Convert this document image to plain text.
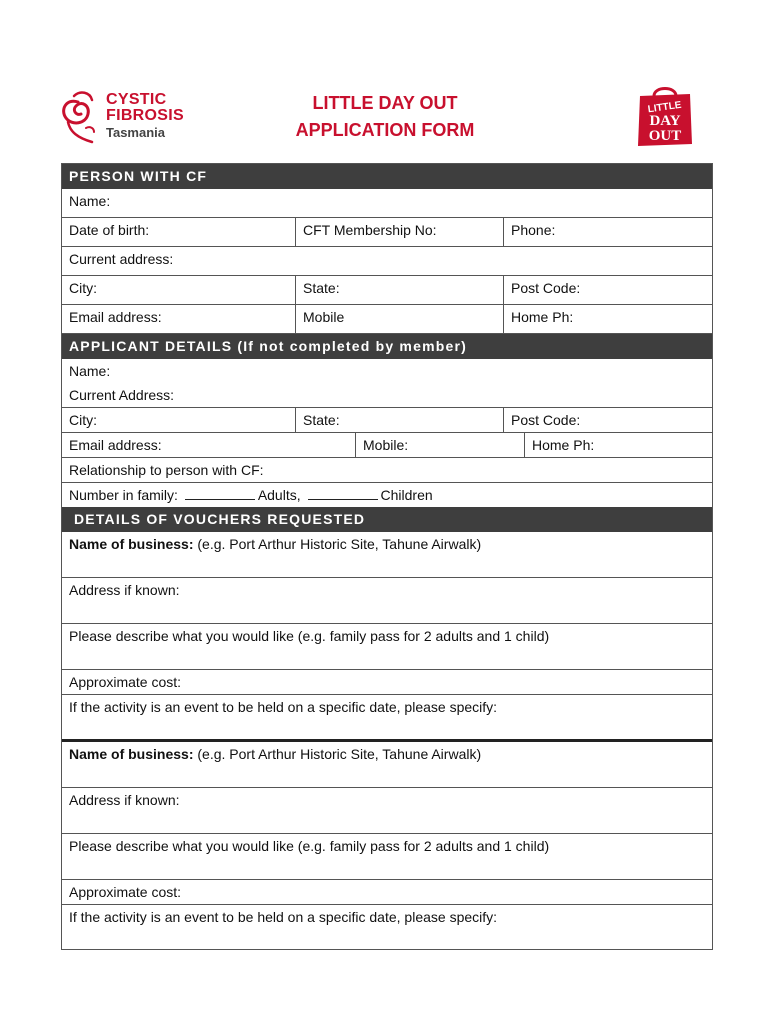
CYSTIC
FIBROSIS
Tasmania
LITTLE DAY OUT
APPLICATION FORM
LITTLE
DAY
OUT
PERSON WITH CF
Name:
Date of birth:	CFT Membership No:	Phone:
Current address:
City:	State:	Post Code:
Email address:	Mobile	Home Ph:
APPLICANT DETAILS (If not completed by member)
Name:
Current Address:
City:	State:	Post Code:
Email address:	Mobile:	Home Ph:
Relationship to person with CF:
Number in family:	Adults,	Children
DETAILS OF VOUCHERS REQUESTED
Name of business: (e.g. Port Arthur Historic Site, Tahune Airwalk)
Address if known:
Please describe what you would like (e.g. family pass for 2 adults and 1 child)
Approximate cost:
If the activity is an event to be held on a specific date, please specify:
Name of business: (e.g. Port Arthur Historic Site, Tahune Airwalk)
Address if known:
Please describe what you would like (e.g. family pass for 2 adults and 1 child)
Approximate cost:
If the activity is an event to be held on a specific date, please specify:
